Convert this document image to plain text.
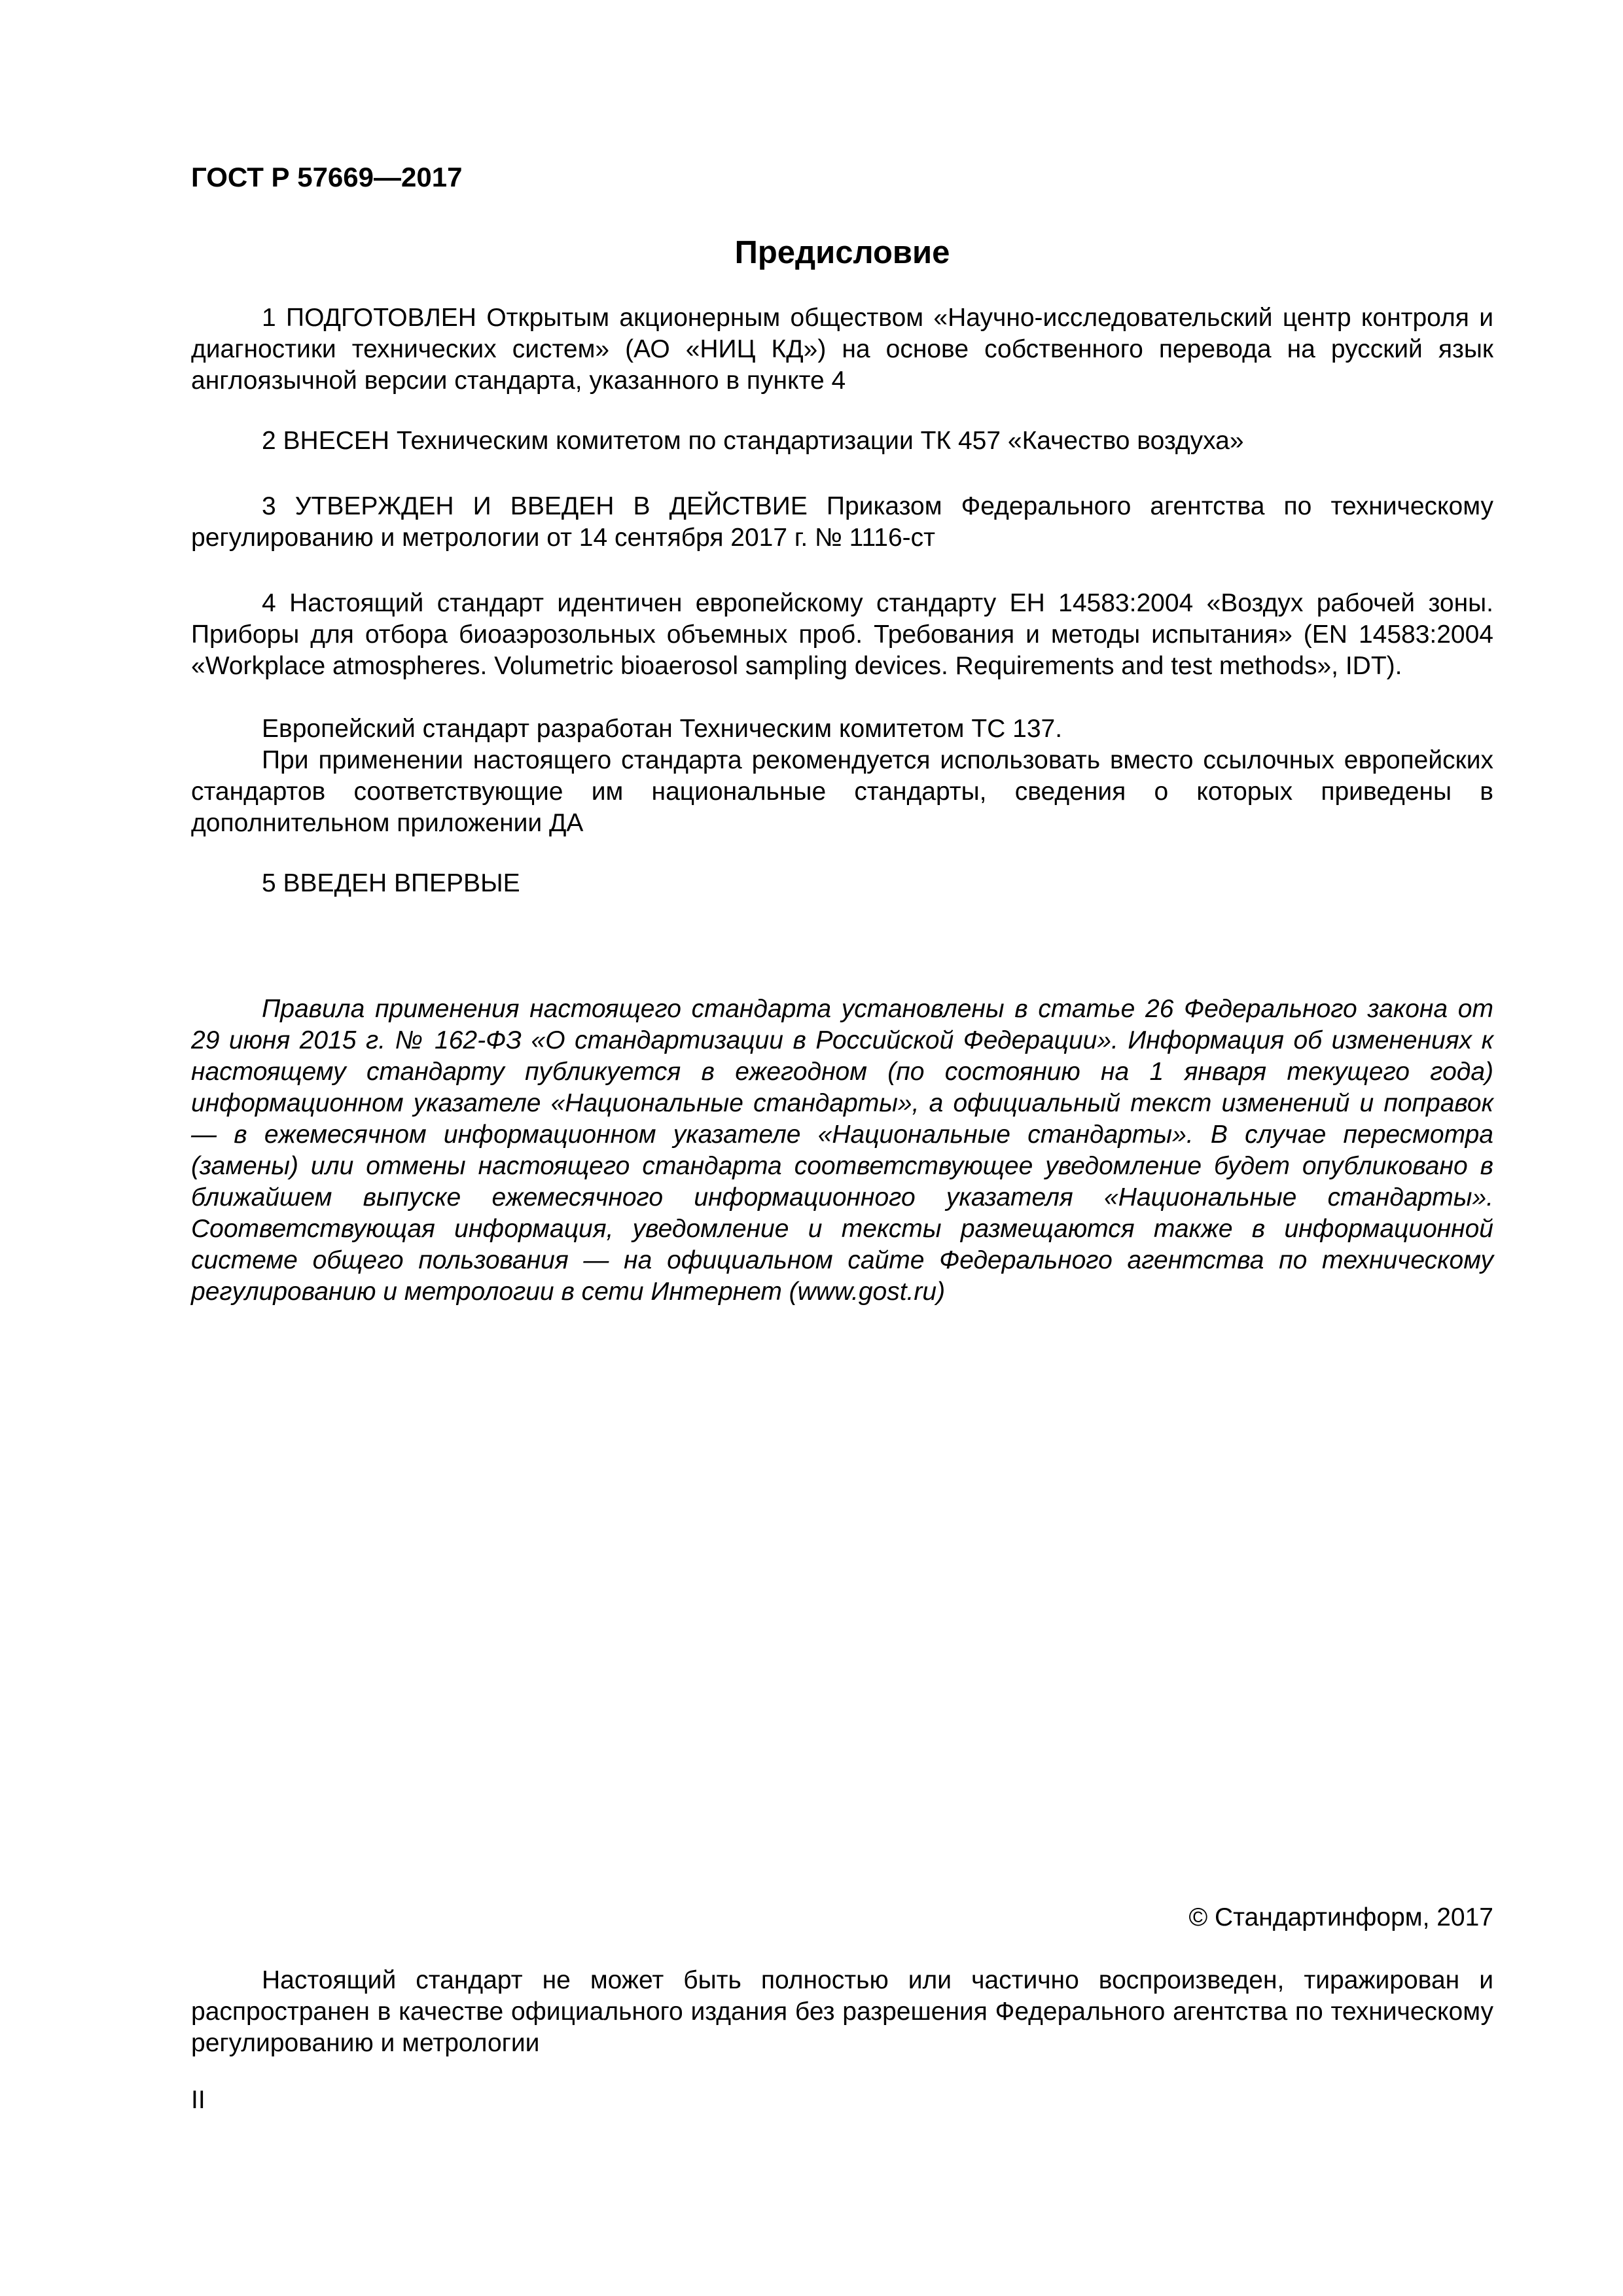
ГОСТ Р 57669—2017

Предисловие

1 ПОДГОТОВЛЕН Открытым акционерным обществом «Научно-исследовательский центр контроля и диагностики технических систем» (АО «НИЦ КД») на основе собственного перевода на русский язык англоязычной версии стандарта, указанного в пункте 4

2 ВНЕСЕН Техническим комитетом по стандартизации ТК 457 «Качество воздуха»

3 УТВЕРЖДЕН И ВВЕДЕН В ДЕЙСТВИЕ Приказом Федерального агентства по техническому регулированию и метрологии от 14 сентября 2017 г. № 1116-ст

4 Настоящий стандарт идентичен европейскому стандарту ЕН 14583:2004 «Воздух рабочей зоны. Приборы для отбора биоаэрозольных объемных проб. Требования и методы испытания» (EN 14583:2004 «Workplace atmospheres. Volumetric bioaerosol sampling devices. Requirements and test methods», IDT).

Европейский стандарт разработан Техническим комитетом ТС 137.

При применении настоящего стандарта рекомендуется использовать вместо ссылочных европейских стандартов соответствующие им национальные стандарты, сведения о которых приведены в дополнительном приложении ДА

5 ВВЕДЕН ВПЕРВЫЕ

Правила применения настоящего стандарта установлены в статье 26 Федерального закона от 29 июня 2015 г. № 162-ФЗ «О стандартизации в Российской Федерации». Информация об изменениях к настоящему стандарту публикуется в ежегодном (по состоянию на 1 января текущего года) информационном указателе «Национальные стандарты», а официальный текст изменений и поправок — в ежемесячном информационном указателе «Национальные стандарты». В случае пересмотра (замены) или отмены настоящего стандарта соответствующее уведомление будет опубликовано в ближайшем выпуске ежемесячного информационного указателя «Национальные стандарты». Соответствующая информация, уведомление и тексты размещаются также в информационной системе общего пользования — на официальном сайте Федерального агентства по техническому регулированию и метрологии в сети Интернет (www.gost.ru)

© Стандартинформ, 2017

Настоящий стандарт не может быть полностью или частично воспроизведен, тиражирован и распространен в качестве официального издания без разрешения Федерального агентства по техническому регулированию и метрологии

II
